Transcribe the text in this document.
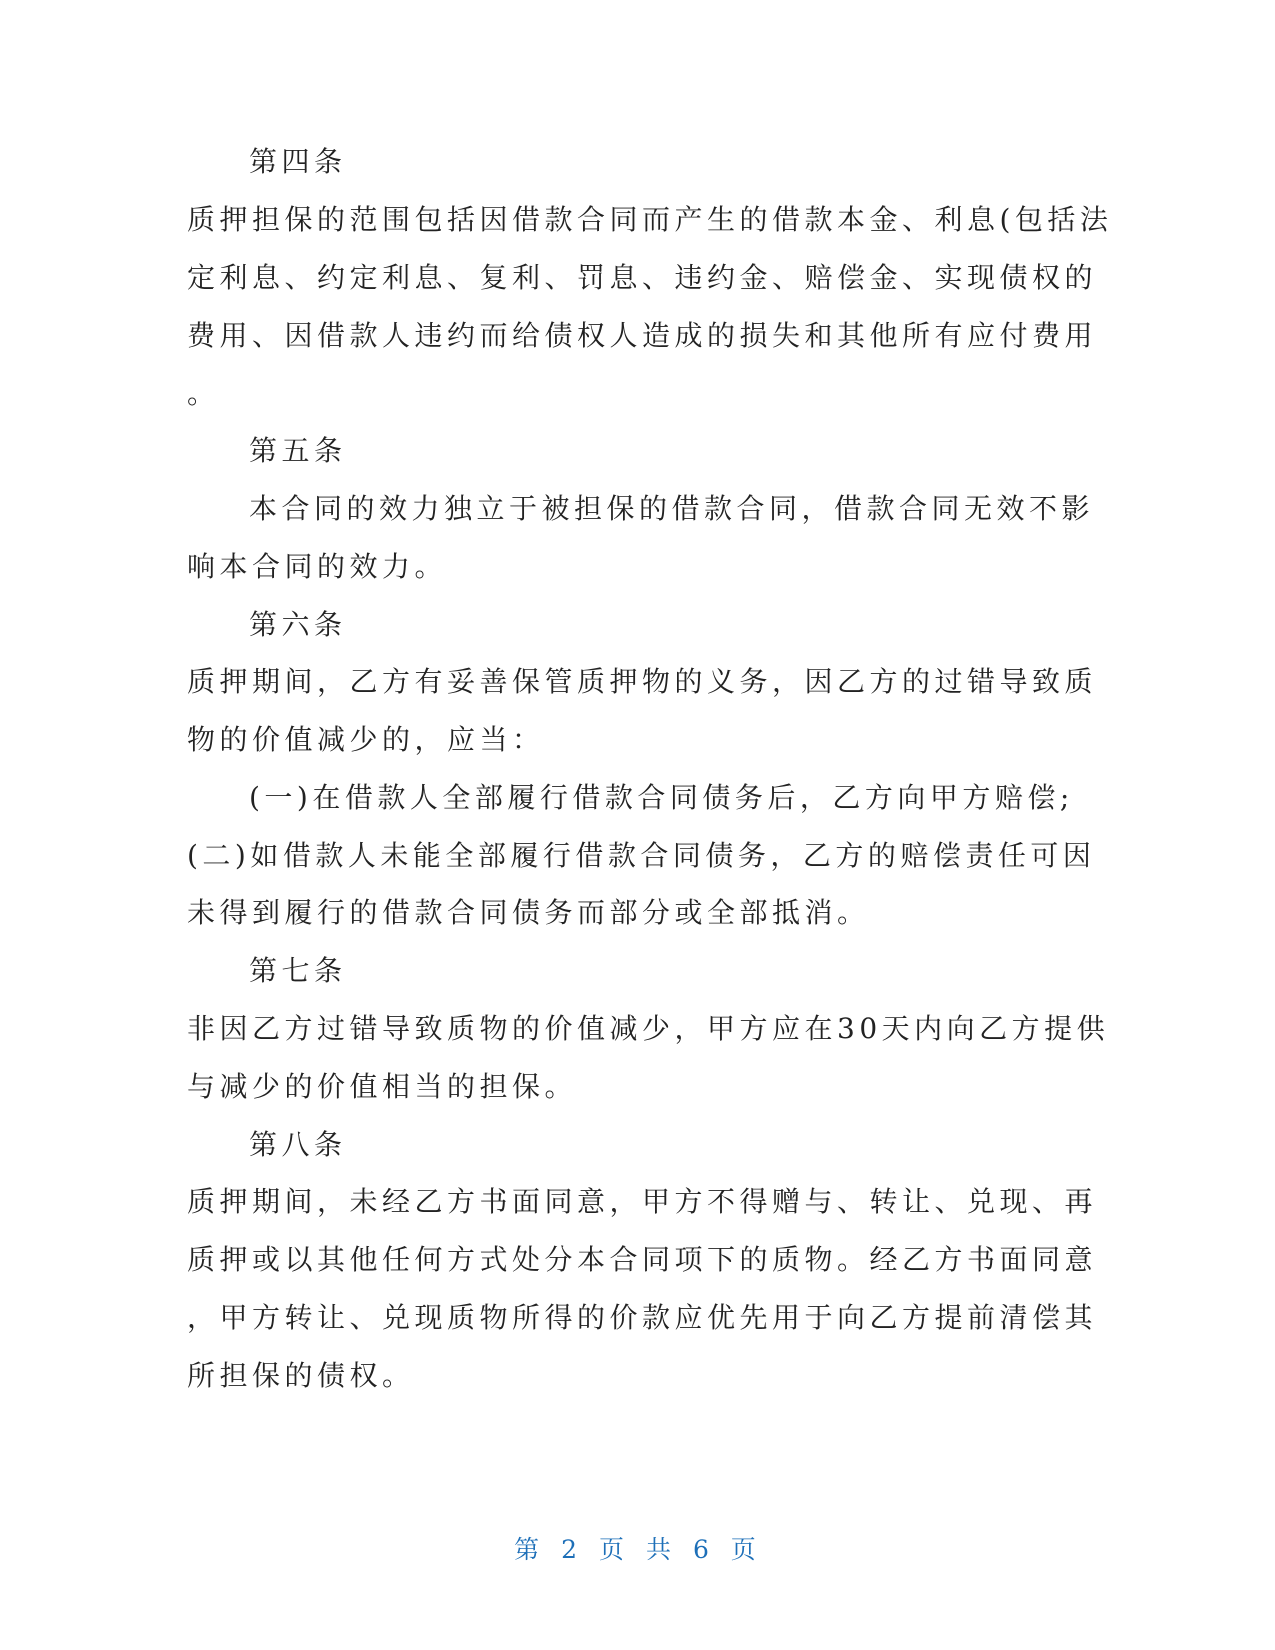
第四条
质押担保的范围包括因借款合同而产生的借款本金、利息(包括法
定利息、约定利息、复利、罚息、违约金、赔偿金、实现债权的
费用、因借款人违约而给债权人造成的损失和其他所有应付费用
。
第五条
本合同的效力独立于被担保的借款合同，借款合同无效不影
响本合同的效力。
第六条
质押期间，乙方有妥善保管质押物的义务，因乙方的过错导致质
物的价值减少的，应当：
(一)在借款人全部履行借款合同债务后，乙方向甲方赔偿;
(二)如借款人未能全部履行借款合同债务，乙方的赔偿责任可因
未得到履行的借款合同债务而部分或全部抵消。
第七条
非因乙方过错导致质物的价值减少，甲方应在30天内向乙方提供
与减少的价值相当的担保。
第八条
质押期间，未经乙方书面同意，甲方不得赠与、转让、兑现、再
质押或以其他任何方式处分本合同项下的质物。经乙方书面同意
，甲方转让、兑现质物所得的价款应优先用于向乙方提前清偿其
所担保的债权。
第 2 页 共 6 页
